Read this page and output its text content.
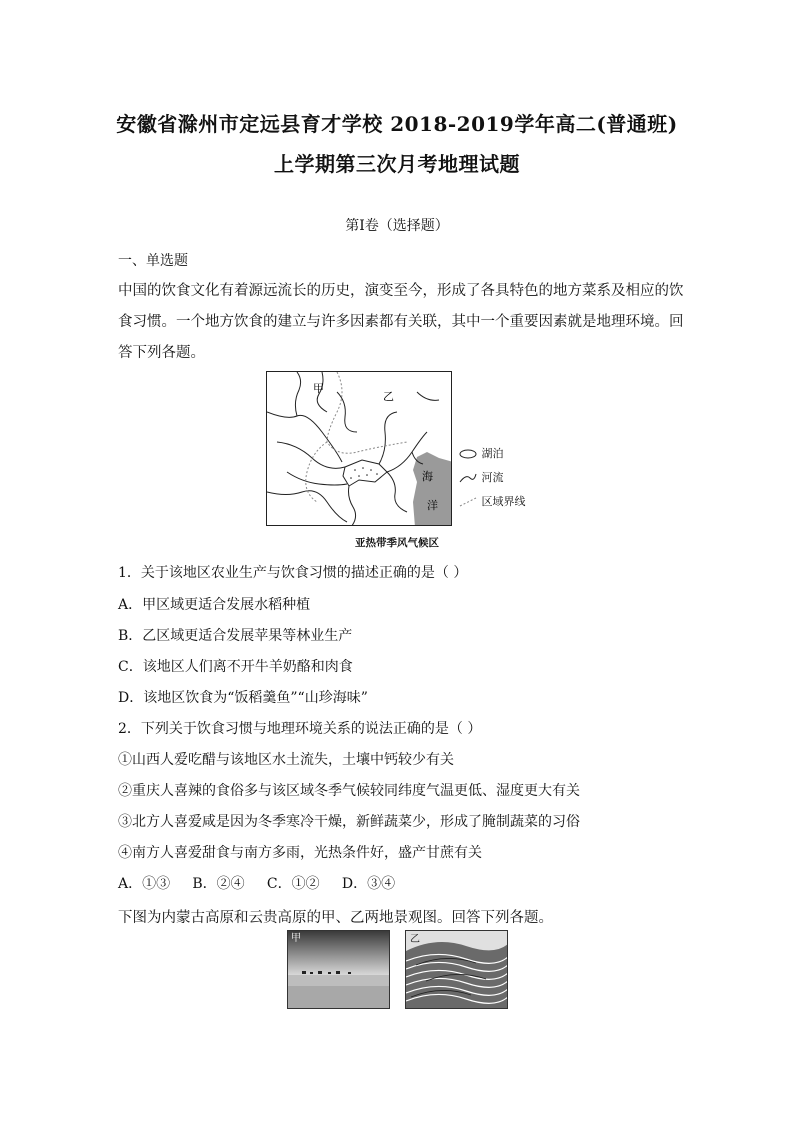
安徽省滁州市定远县育才学校 2018-2019学年高二(普通班)
上学期第三次月考地理试题
第Ⅰ卷（选择题）
一、单选题
中国的饮食文化有着源远流长的历史，演变至今，形成了各具特色的地方菜系及相应的饮食习惯。一个地方饮食的建立与许多因素都有关联，其中一个重要因素就是地理环境。回答下列各题。
甲
乙
海
洋
湖泊
河流
区域界线
亚热带季风气候区
1．关于该地区农业生产与饮食习惯的描述正确的是（ ）
A．甲区域更适合发展水稻种植
B．乙区域更适合发展苹果等林业生产
C．该地区人们离不开牛羊奶酪和肉食
D．该地区饮食为“饭稻羹鱼”“山珍海味”
2．下列关于饮食习惯与地理环境关系的说法正确的是（ ）
①山西人爱吃醋与该地区水土流失，土壤中钙较少有关
②重庆人喜辣的食俗多与该区域冬季气候较同纬度气温更低、湿度更大有关
③北方人喜爱咸是因为冬季寒冷干燥，新鲜蔬菜少，形成了腌制蔬菜的习俗
④南方人喜爱甜食与南方多雨，光热条件好，盛产甘蔗有关
A．①③     B．②④     C．①②     D．③④
下图为内蒙古高原和云贵高原的甲、乙两地景观图。回答下列各题。
甲	乙
